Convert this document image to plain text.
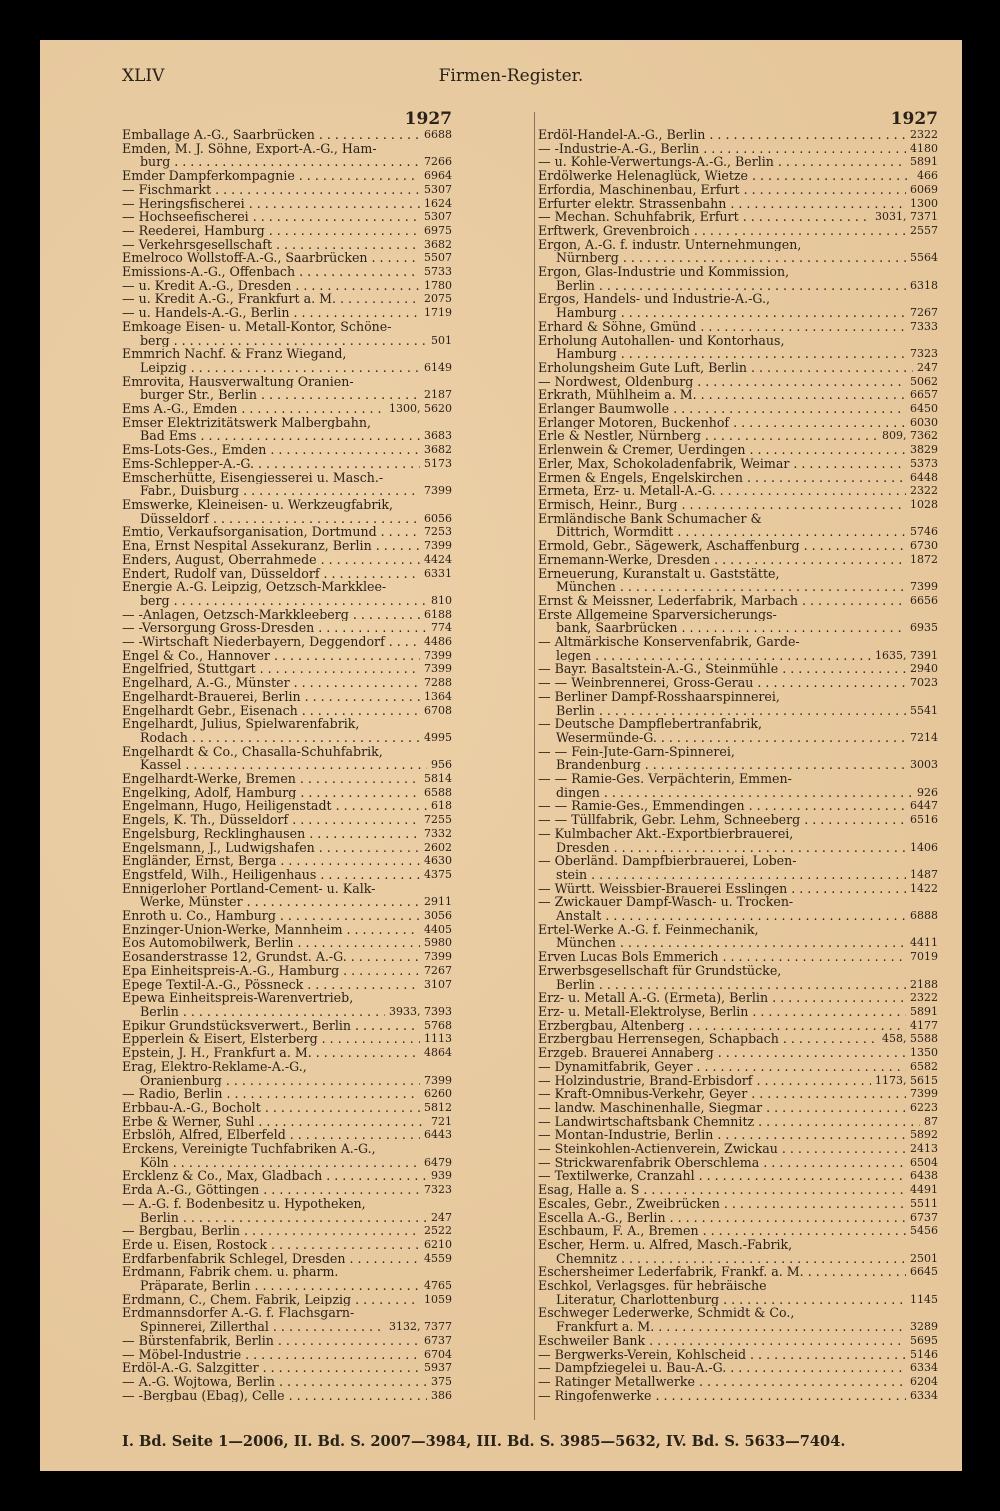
XLIV	Firmen-Register.
1927
Emballage A.-G., Saarbrücken . . .	6688
Emden, M. J. Söhne, Export-A.-G., Ham-
burg . . .	7266
Emder Dampferkompagnie . . .	6964
— Fischmarkt . . .	5307
— Heringsfischerei . . .	1624
— Hochseefischerei . . .	5307
— Reederei, Hamburg . . .	6975
— Verkehrsgesellschaft . . .	3682
Emelroco Wollstoff-A.-G., Saarbrücken . . .	5507
Emissions-A.-G., Offenbach . . .	5733
— u. Kredit A.-G., Dresden . . .	1780
— u. Kredit A.-G., Frankfurt a. M. . . .	2075
— u. Handels-A.-G., Berlin . . .	1719
Emkoage Eisen- u. Metall-Kontor, Schöne-
berg . . .	501
Emmrich Nachf. & Franz Wiegand,
Leipzig . . .	6149
Emrovita, Hausverwaltung Oranien-
burger Str., Berlin . . .	2187
Ems A.-G., Emden . . .	1300, 5620
Emser Elektrizitätswerk Malbergbahn,
Bad Ems . . .	3683
Ems-Lots-Ges., Emden . . .	3682
Ems-Schlepper-A.-G. . . .	5173
Emscherhütte, Eisengiesserei u. Masch.-
Fabr., Duisburg . . .	7399
Emswerke, Kleineisen- u. Werkzeugfabrik,
Düsseldorf . . .	6056
Emtio, Verkaufsorganisation, Dortmund . . .	7253
Ena, Ernst Nespital Assekuranz, Berlin . . .	7399
Enders, August, Oberrahmede . . .	4424
Endert, Rudolf van, Düsseldorf . . .	6331
Energie A.-G. Leipzig, Oetzsch-Markklee-
berg . . .	810
— -Anlagen, Oetzsch-Markkleeberg . . .	6188
— -Versorgung Gross-Dresden . . .	774
— -Wirtschaft Niederbayern, Deggendorf . . .	4486
Engel & Co., Hannover . . .	7399
Engelfried, Stuttgart . . .	7399
Engelhard, A.-G., Münster . . .	7288
Engelhardt-Brauerei, Berlin . . .	1364
Engelhardt Gebr., Eisenach . . .	6708
Engelhardt, Julius, Spielwarenfabrik,
Rodach . . .	4995
Engelhardt & Co., Chasalla-Schuhfabrik,
Kassel . . .	956
Engelhardt-Werke, Bremen . . .	5814
Engelking, Adolf, Hamburg . . .	6588
Engelmann, Hugo, Heiligenstadt . . .	618
Engels, K. Th., Düsseldorf . . .	7255
Engelsburg, Recklinghausen . . .	7332
Engelsmann, J., Ludwigshafen . . .	2602
Engländer, Ernst, Berga . . .	4630
Engstfeld, Wilh., Heiligenhaus . . .	4375
Ennigerloher Portland-Cement- u. Kalk-
Werke, Münster . . .	2911
Enroth u. Co., Hamburg . . .	3056
Enzinger-Union-Werke, Mannheim . . .	4405
Eos Automobilwerk, Berlin . . .	5980
Eosanderstrasse 12, Grundst. A.-G. . . .	7399
Epa Einheitspreis-A.-G., Hamburg . . .	7267
Epege Textil-A.-G., Pössneck . . .	3107
Epewa Einheitspreis-Warenvertrieb,
Berlin . . .	3933, 7393
Epikur Grundstücksverwert., Berlin . . .	5768
Epperlein & Eisert, Elsterberg . . .	1113
Epstein, J. H., Frankfurt a. M. . . .	4864
Erag, Elektro-Reklame-A.-G.,
Oranienburg . . .	7399
— Radio, Berlin . . .	6260
Erbbau-A.-G., Bocholt . . .	5812
Erbe & Werner, Suhl . . .	721
Erbslöh, Alfred, Elberfeld . . .	6443
Erckens, Vereinigte Tuchfabriken A.-G.,
Köln . . .	6479
Ercklenz & Co., Max, Gladbach . . .	939
Erda A.-G., Göttingen . . .	7323
— A.-G. f. Bodenbesitz u. Hypotheken,
Berlin . . .	247
— Bergbau, Berlin . . .	2522
Erde u. Eisen, Rostock . . .	6210
Erdfarbenfabrik Schlegel, Dresden . . .	4559
Erdmann, Fabrik chem. u. pharm.
Präparate, Berlin . . .	4765
Erdmann, C., Chem. Fabrik, Leipzig . . .	1059
Erdmannsdorfer A.-G. f. Flachsgarn-
Spinnerei, Zillerthal . . .	3132, 7377
— Bürstenfabrik, Berlin . . .	6737
— Möbel-Industrie . . .	6704
Erdöl-A.-G. Salzgitter . . .	5937
— A.-G. Wojtowa, Berlin . . .	375
— -Bergbau (Ebag), Celle . . .	386
1927
Erdöl-Handel-A.-G., Berlin . . .	2322
— -Industrie-A.-G., Berlin . . .	4180
— u. Kohle-Verwertungs-A.-G., Berlin . . .	5891
Erdölwerke Helenaglück, Wietze . . .	466
Erfordia, Maschinenbau, Erfurt . . .	6069
Erfurter elektr. Strassenbahn . . .	1300
— Mechan. Schuhfabrik, Erfurt . . .	3031, 7371
Erftwerk, Grevenbroich . . .	2557
Ergon, A.-G. f. industr. Unternehmungen,
Nürnberg . . .	5564
Ergon, Glas-Industrie und Kommission,
Berlin . . .	6318
Ergos, Handels- und Industrie-A.-G.,
Hamburg . . .	7267
Erhard & Söhne, Gmünd . . .	7333
Erholung Autohallen- und Kontorhaus,
Hamburg . . .	7323
Erholungsheim Gute Luft, Berlin . . .	247
— Nordwest, Oldenburg . . .	5062
Erkrath, Mühlheim a. M. . . .	6657
Erlanger Baumwolle . . .	6450
Erlanger Motoren, Buckenhof . . .	6030
Erle & Nestler, Nürnberg . . .	809, 7362
Erlenwein & Cremer, Uerdingen . . .	3829
Erler, Max, Schokoladenfabrik, Weimar . . .	5373
Ermen & Engels, Engelskirchen . . .	6448
Ermeta, Erz- u. Metall-A.-G. . . .	2322
Ermisch, Heinr., Burg . . .	1028
Ermländische Bank Schumacher &
Dittrich, Wormditt . . .	5746
Ermold, Gebr., Sägewerk, Aschaffenburg . . .	6730
Ernemann-Werke, Dresden . . .	1872
Erneuerung, Kuranstalt u. Gaststätte,
München . . .	7399
Ernst & Meissner, Lederfabrik, Marbach . . .	6656
Erste Allgemeine Sparversicherungs-
bank, Saarbrücken . . .	6935
— Altmärkische Konservenfabrik, Garde-
legen . . .	1635, 7391
— Bayr. Basaltstein-A.-G., Steinmühle . . .	2940
— — Weinbrennerei, Gross-Gerau . . .	7023
— Berliner Dampf-Rosshaarspinnerei,
Berlin . . .	5541
— Deutsche Dampflebertranfabrik,
Wesermünde-G. . . .	7214
— — Fein-Jute-Garn-Spinnerei,
Brandenburg . . .	3003
— — Ramie-Ges. Verpächterin, Emmen-
dingen . . .	926
— — Ramie-Ges., Emmendingen . . .	6447
— — Tüllfabrik, Gebr. Lehm, Schneeberg . . .	6516
— Kulmbacher Akt.-Exportbierbrauerei,
Dresden . . .	1406
— Oberländ. Dampfbierbrauerei, Loben-
stein . . .	1487
— Württ. Weissbier-Brauerei Esslingen . . .	1422
— Zwickauer Dampf-Wasch- u. Trocken-
Anstalt . . .	6888
Ertel-Werke A.-G. f. Feinmechanik,
München . . .	4411
Erven Lucas Bols Emmerich . . .	7019
Erwerbsgesellschaft für Grundstücke,
Berlin . . .	2188
Erz- u. Metall A.-G. (Ermeta), Berlin . . .	2322
Erz- u. Metall-Elektrolyse, Berlin . . .	5891
Erzbergbau, Altenberg . . .	4177
Erzbergbau Herrensegen, Schapbach . . .	458, 5588
Erzgeb. Brauerei Annaberg . . .	1350
— Dynamitfabrik, Geyer . . .	6582
— Holzindustrie, Brand-Erbisdorf . . .	1173, 5615
— Kraft-Omnibus-Verkehr, Geyer . . .	7399
— landw. Maschinenhalle, Siegmar . . .	6223
— Landwirtschaftsbank Chemnitz . . .	87
— Montan-Industrie, Berlin . . .	5892
— Steinkohlen-Actienverein, Zwickau . . .	2413
— Strickwarenfabrik Oberschlema . . .	6504
— Textilwerke, Cranzahl . . .	6438
Esag, Halle a. S . . .	4491
Escales, Gebr., Zweibrücken . . .	5511
Escella A.-G., Berlin . . .	6737
Eschbaum, F. A., Bremen . . .	5456
Escher, Herm. u. Alfred, Masch.-Fabrik,
Chemnitz . . .	2501
Eschersheimer Lederfabrik, Frankf. a. M. . . .	6645
Eschkol, Verlagsges. für hebräische
Literatur, Charlottenburg . . .	1145
Eschweger Lederwerke, Schmidt & Co.,
Frankfurt a. M. . . .	3289
Eschweiler Bank . . .	5695
— Bergwerks-Verein, Kohlscheid . . .	5146
— Dampfziegelei u. Bau-A.-G. . . .	6334
— Ratinger Metallwerke . . .	6204
— Ringofenwerke . . .	6334
I. Bd. Seite 1—2006, II. Bd. S. 2007—3984, III. Bd. S. 3985—5632, IV. Bd. S. 5633—7404.
